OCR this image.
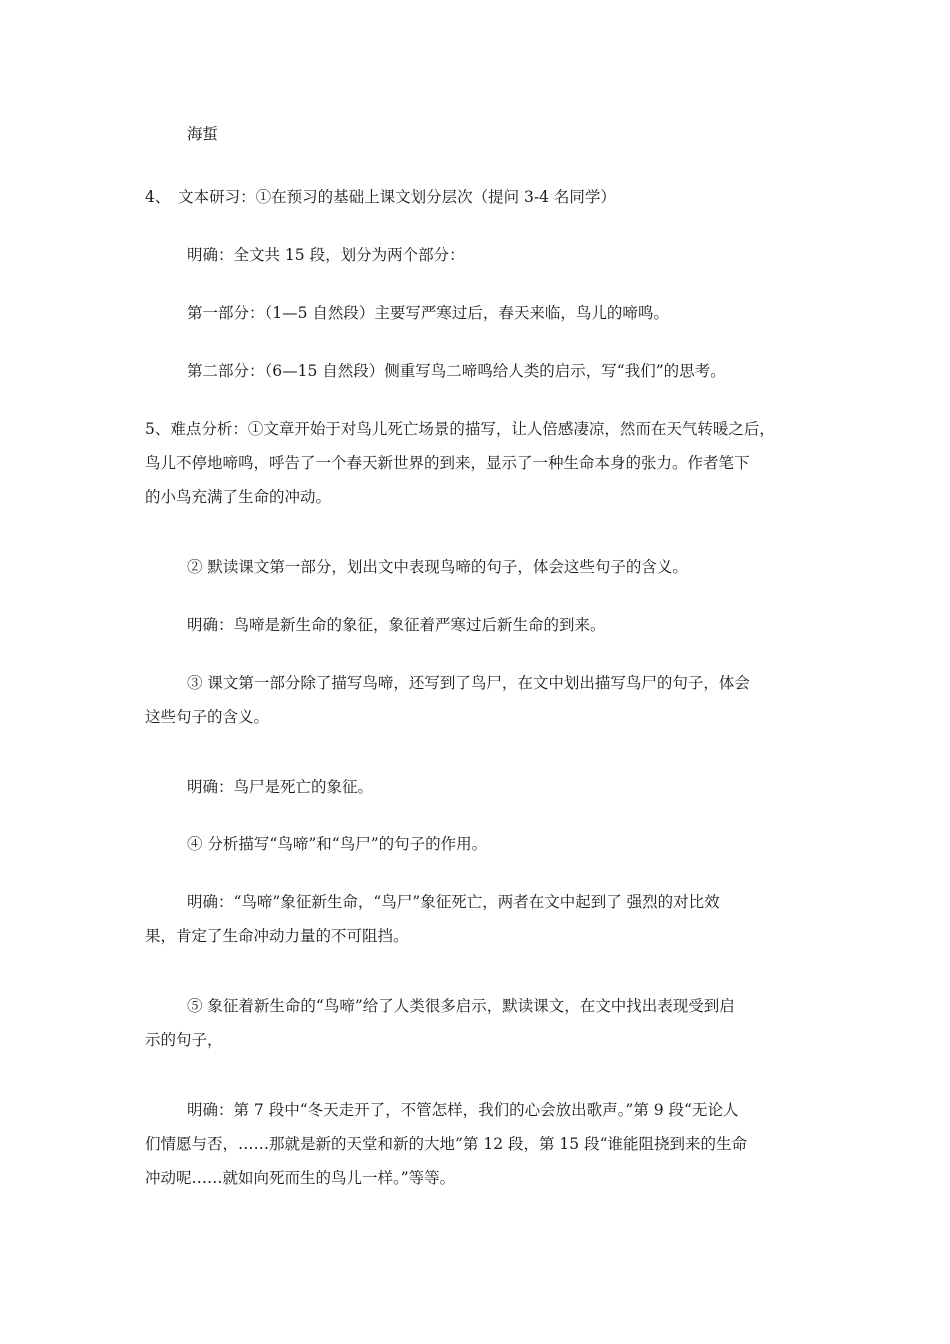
海蜇

4、　文本研习：①在预习的基础上课文划分层次（提问 3-4 名同学）

明确：全文共 15 段，划分为两个部分：

第一部分：（1—5 自然段）主要写严寒过后，春天来临，鸟儿的啼鸣。

第二部分：（6—15 自然段）侧重写鸟二啼鸣给人类的启示，写“我们”的思考。

5、难点分析：①文章开始于对鸟儿死亡场景的描写，让人倍感凄凉，然而在天气转暖之后，
鸟儿不停地啼鸣，呼告了一个春天新世界的到来，显示了一种生命本身的张力。作者笔下
的小鸟充满了生命的冲动。

② 默读课文第一部分，划出文中表现鸟啼的句子，体会这些句子的含义。

明确：鸟啼是新生命的象征，象征着严寒过后新生命的到来。

③ 课文第一部分除了描写鸟啼，还写到了鸟尸，在文中划出描写鸟尸的句子，体会
这些句子的含义。

明确：鸟尸是死亡的象征。

④ 分析描写“鸟啼”和“鸟尸”的句子的作用。

明确：“鸟啼”象征新生命，“鸟尸”象征死亡，两者在文中起到了 强烈的对比效
果，肯定了生命冲动力量的不可阻挡。

⑤ 象征着新生命的“鸟啼”给了人类很多启示，默读课文，在文中找出表现受到启
示的句子，

明确：第 7 段中“冬天走开了，不管怎样，我们的心会放出歌声。”第 9 段“无论人
们情愿与否，……那就是新的天堂和新的大地”第 12 段，第 15 段“谁能阻挠到来的生命
冲动呢……就如向死而生的鸟儿一样。”等等。
